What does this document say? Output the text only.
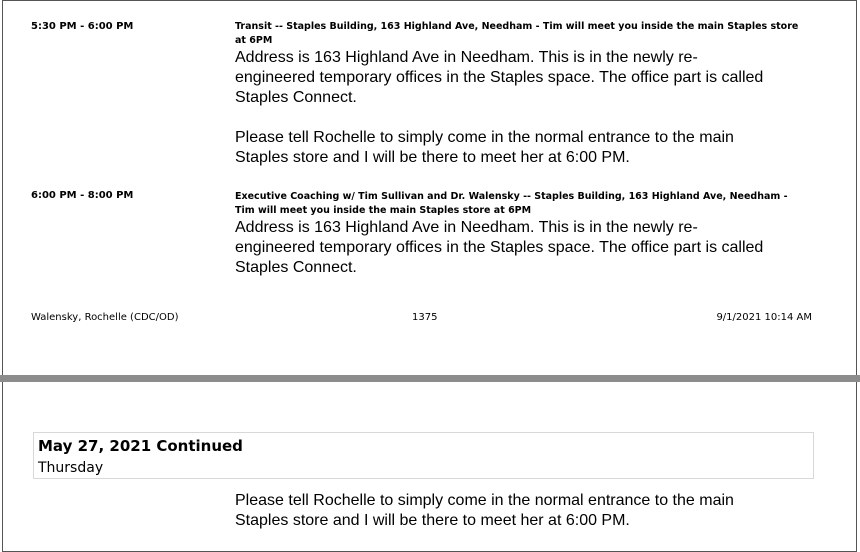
5:30 PM - 6:00 PM	Transit -- Staples Building, 163 Highland Ave, Needham - Tim will meet you inside the main Staples store
at 6PM

Address is 163 Highland Ave in Needham. This is in the newly re-

engineered temporary offices in the Staples space. The office part is called

Staples Connect.

Please tell Rochelle to simply come in the normal entrance to the main

Staples store and I will be there to meet her at 6:00 PM.

6:00 PM - 8:00 PM	Executive Coaching w/ Tim Sullivan and Dr. Walensky -- Staples Building, 163 Highland Ave, Needham -
Tim will meet you inside the main Staples store at 6PM

Address is 163 Highland Ave in Needham. This is in the newly re-

engineered temporary offices in the Staples space. The office part is called

Staples Connect.

Walensky, Rochelle (CDC/OD)	1375	9/1/2021 10:14 AM
May 27, 2021 Continued
Thursday

Please tell Rochelle to simply come in the normal entrance to the main

Staples store and I will be there to meet her at 6:00 PM.
